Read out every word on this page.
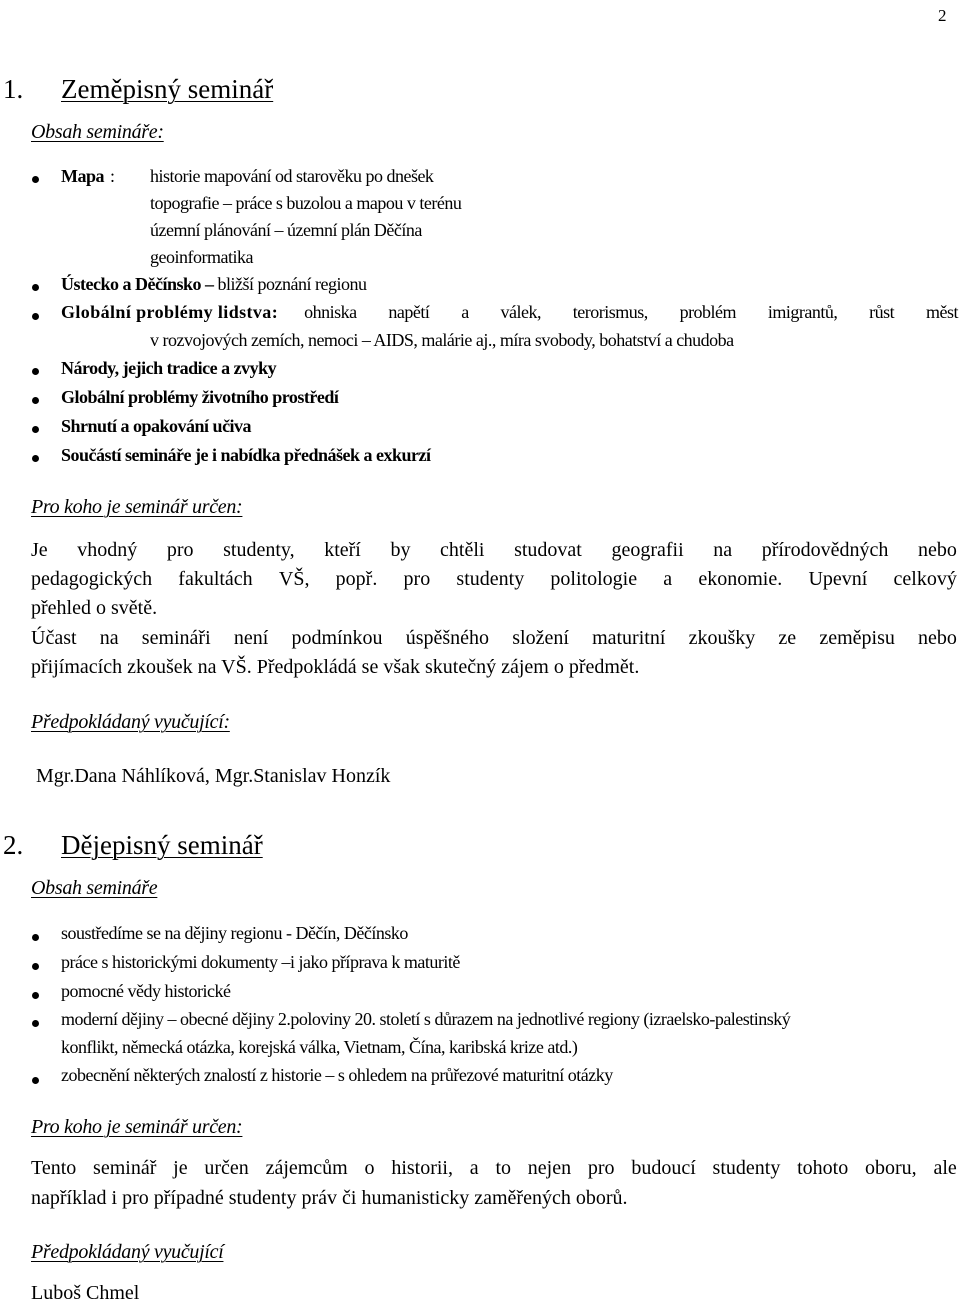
2
1. Zeměpisný seminář
Obsah semináře:
Mapa : historie mapování od starověku po dnešek
topografie – práce s buzolou a mapou v terénu
územní plánování – územní plán Děčína
geoinformatika
Ústecko a Děčínsko – bližší poznání regionu
Globální problémy lidstva: ohniska napětí a válek, terorismus, problém imigrantů, růst měst
v rozvojových zemích, nemoci – AIDS, malárie aj., míra svobody, bohatství a chudoba
Národy, jejich tradice a zvyky
Globální problémy životního prostředí
Shrnutí a opakování učiva
Součástí semináře je i nabídka přednášek a exkurzí
Pro koho je seminář určen:
Je vhodný pro studenty, kteří by chtěli studovat geografii na přírodovědných nebo
pedagogických fakultách VŠ, popř. pro studenty politologie a ekonomie. Upevní celkový
přehled o světě.
Účast na semináři není podmínkou úspěšného složení maturitní zkoušky ze zeměpisu nebo
přijímacích zkoušek na VŠ. Předpokládá se však skutečný zájem o předmět.
Předpokládaný vyučující:
Mgr.Dana Náhlíková, Mgr.Stanislav Honzík
2. Dějepisný seminář
Obsah semináře
soustředíme se na dějiny regionu - Děčín, Děčínsko
práce s historickými dokumenty –i jako příprava k maturitě
pomocné vědy historické
moderní dějiny – obecné dějiny 2.poloviny 20. století s důrazem na jednotlivé regiony (izraelsko-palestinský
konflikt, německá otázka, korejská válka, Vietnam, Čína, karibská krize atd.)
zobecnění některých znalostí z historie – s ohledem na průřezové maturitní otázky
Pro koho je seminář určen:
Tento seminář je určen zájemcům o historii, a to nejen pro budoucí studenty tohoto oboru, ale
například i pro případné studenty práv či humanisticky zaměřených oborů.
Předpokládaný vyučující
Luboš Chmel
